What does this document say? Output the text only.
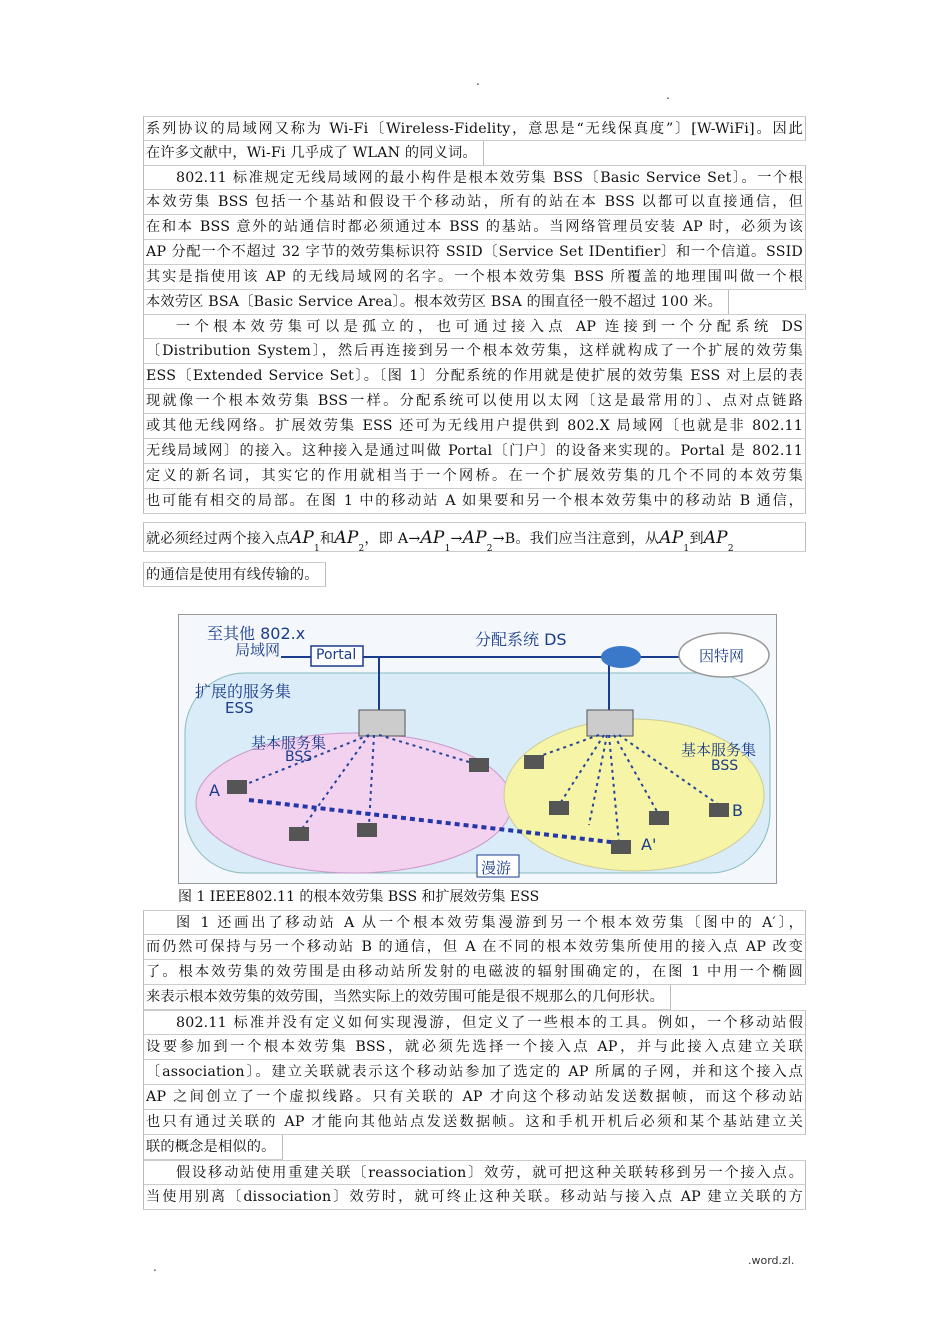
.
.
系列协议的局域网又称为 Wi-Fi〔Wireless-Fidelity，意思是“无线保真度”〕[W-WiFi]。因此
在许多文献中，Wi-Fi 几乎成了 WLAN 的同义词。
802.11 标准规定无线局域网的最小构件是根本效劳集 BSS〔Basic Service Set〕。一个根
本效劳集 BSS 包括一个基站和假设干个移动站，所有的站在本 BSS 以都可以直接通信，但
在和本 BSS 意外的站通信时都必须通过本 BSS 的基站。当网络管理员安装 AP 时，必须为该
AP 分配一个不超过 32 字节的效劳集标识符 SSID〔Service Set IDentifier〕和一个信道。SSID
其实是指使用该 AP 的无线局域网的名字。一个根本效劳集 BSS 所覆盖的地理围叫做一个根
本效劳区 BSA〔Basic Service Area〕。根本效劳区 BSA 的围直径一般不超过 100 米。
一个根本效劳集可以是孤立的，也可通过接入点 AP 连接到一个分配系统 DS
〔Distribution System〕，然后再连接到另一个根本效劳集，这样就构成了一个扩展的效劳集
ESS〔Extended Service Set〕。〔图 1〕分配系统的作用就是使扩展的效劳集 ESS 对上层的表
现就像一个根本效劳集 BSS一样。分配系统可以使用以太网〔这是最常用的〕、点对点链路
或其他无线网络。扩展效劳集 ESS 还可为无线用户提供到 802.X 局域网〔也就是非 802.11
无线局域网〕的接入。这种接入是通过叫做 Portal〔门户〕的设备来实现的。Portal 是 802.11
定义的新名词，其实它的作用就相当于一个网桥。在一个扩展效劳集的几个不同的本效劳集
也可能有相交的局部。在图 1 中的移动站 A 如果要和另一个根本效劳集中的移动站 B 通信，
就必须经过两个接入点$AP_1$和$AP_2$，即 $A\to AP_1\to AP_2\to B$。我们应当注意到，从$AP_1$到$AP_2$
的通信是使用有线传输的。
至其他 802.x
局域网	Portal
分配系统 DS
因特网
扩展的服务集
ESS
基本服务集
BSS	基本服务集
BSS
A
B
A'
漫游
图 1 IEEE802.11 的根本效劳集 BSS 和扩展效劳集 ESS
图 1 还画出了移动站 A 从一个根本效劳集漫游到另一个根本效劳集〔图中的 A′〕，
而仍然可保持与另一个移动站 B 的通信，但 A 在不同的根本效劳集所使用的接入点 AP 改变
了。根本效劳集的效劳围是由移动站所发射的电磁波的辐射围确定的，在图 1 中用一个椭圆
来表示根本效劳集的效劳围，当然实际上的效劳围可能是很不规那么的几何形状。
802.11 标准并没有定义如何实现漫游，但定义了一些根本的工具。例如，一个移动站假
设要参加到一个根本效劳集 BSS，就必须先选择一个接入点 AP，并与此接入点建立关联
〔association〕。建立关联就表示这个移动站参加了选定的 AP 所属的子网，并和这个接入点
AP 之间创立了一个虚拟线路。只有关联的 AP 才向这个移动站发送数据帧，而这个移动站
也只有通过关联的 AP 才能向其他站点发送数据帧。这和手机开机后必须和某个基站建立关
联的概念是相似的。
假设移动站使用重建关联〔reassociation〕效劳，就可把这种关联转移到另一个接入点。
当使用别离〔dissociation〕效劳时，就可终止这种关联。移动站与接入点 AP 建立关联的方
.	.word.zl.
